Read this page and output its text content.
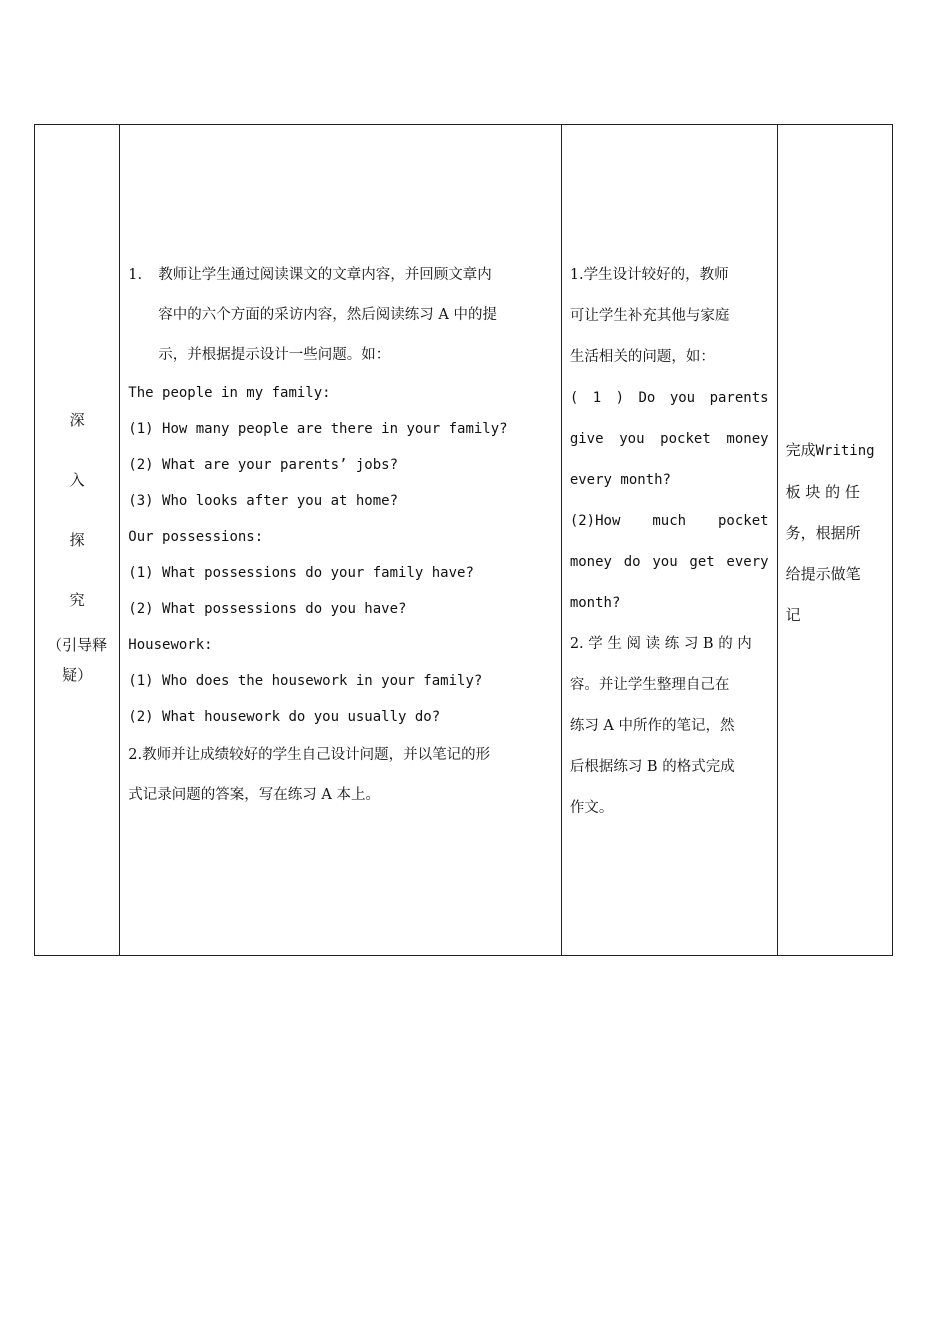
深
入
探
究
（引导释疑）

1. 教师让学生通过阅读课文的文章内容，并回顾文章内
容中的六个方面的采访内容，然后阅读练习 A 中的提
示，并根据提示设计一些问题。如：
The people in my family:
(1) How many people are there in your family?
(2) What are your parents’ jobs?
(3) Who looks after you at home?
Our possessions:
(1) What possessions do your family have?
(2) What possessions do you have?
Housework:
(1) Who does the housework in your family?
(2) What housework do you usually do?
2.教师并让成绩较好的学生自己设计问题，并以笔记的形
式记录问题的答案，写在练习 A 本上。

1.学生设计较好的，教师
可让学生补充其他与家庭
生活相关的问题，如：
( 1 ) Do you parents
give you pocket money
every month?
(2)How much pocket
money do you get every
month?
2. 学 生 阅 读 练 习 B 的 内
容。并让学生整理自己在
练习 A 中所作的笔记，然
后根据练习 B 的格式完成
作文。

完成Writing
板 块 的 任
务，根据所
给提示做笔
记
